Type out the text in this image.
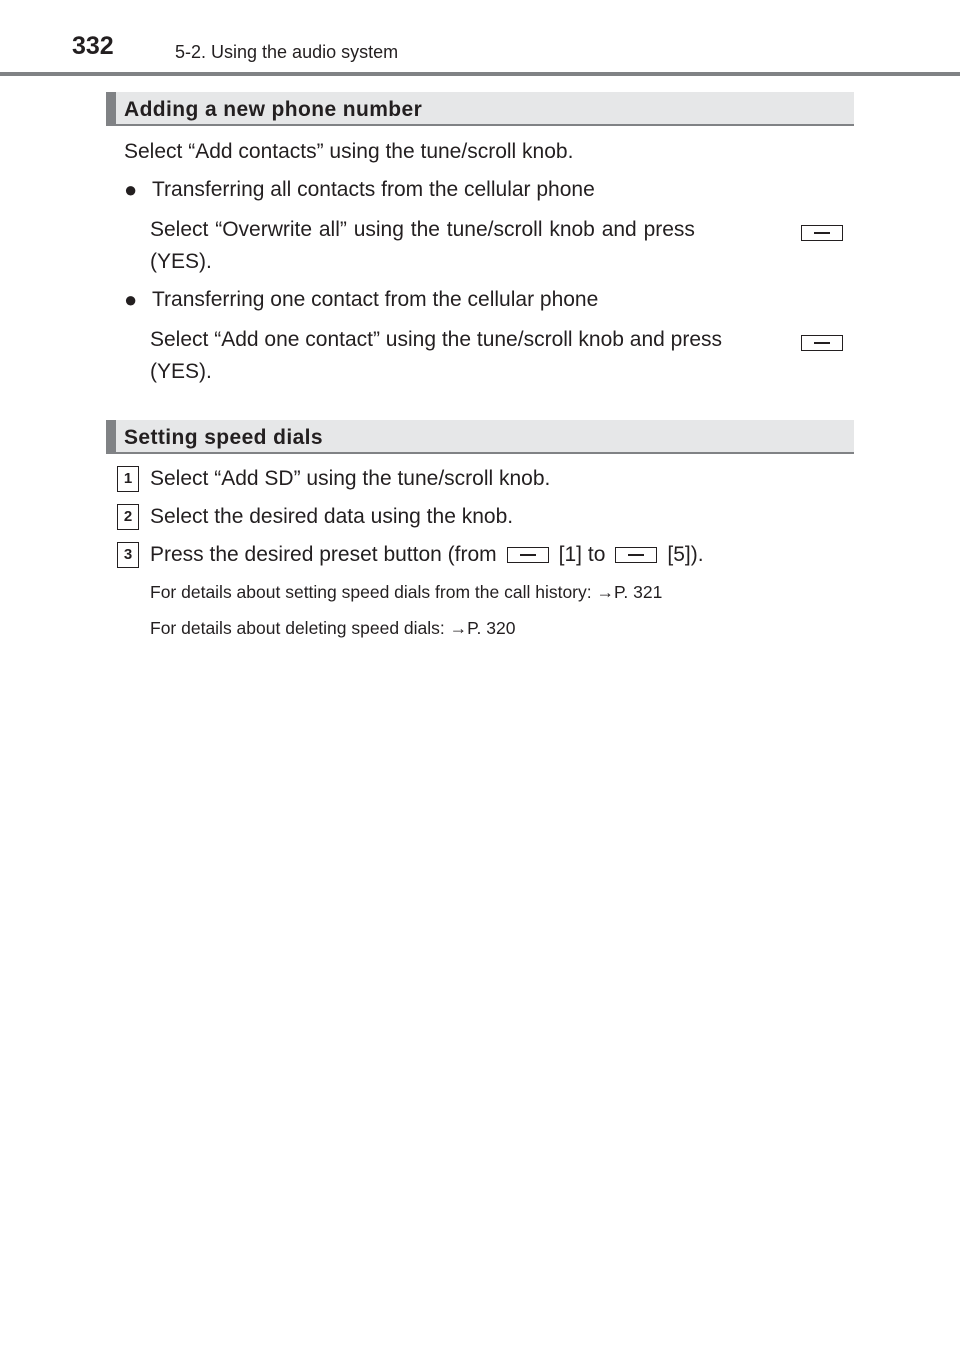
332	5-2. Using the audio system
Adding a new phone number
Select “Add contacts” using the tune/scroll knob.
● Transferring all contacts from the cellular phone
Select “Overwrite all” using the tune/scroll knob and press
(YES).
● Transferring one contact from the cellular phone
Select “Add one contact” using the tune/scroll knob and press
(YES).
Setting speed dials
1 Select “Add SD” using the tune/scroll knob.
2 Select the desired data using the knob.
3 Press the desired preset button (from	[1] to	[5]).
For details about setting speed dials from the call history: →P. 321
For details about deleting speed dials: →P. 320
